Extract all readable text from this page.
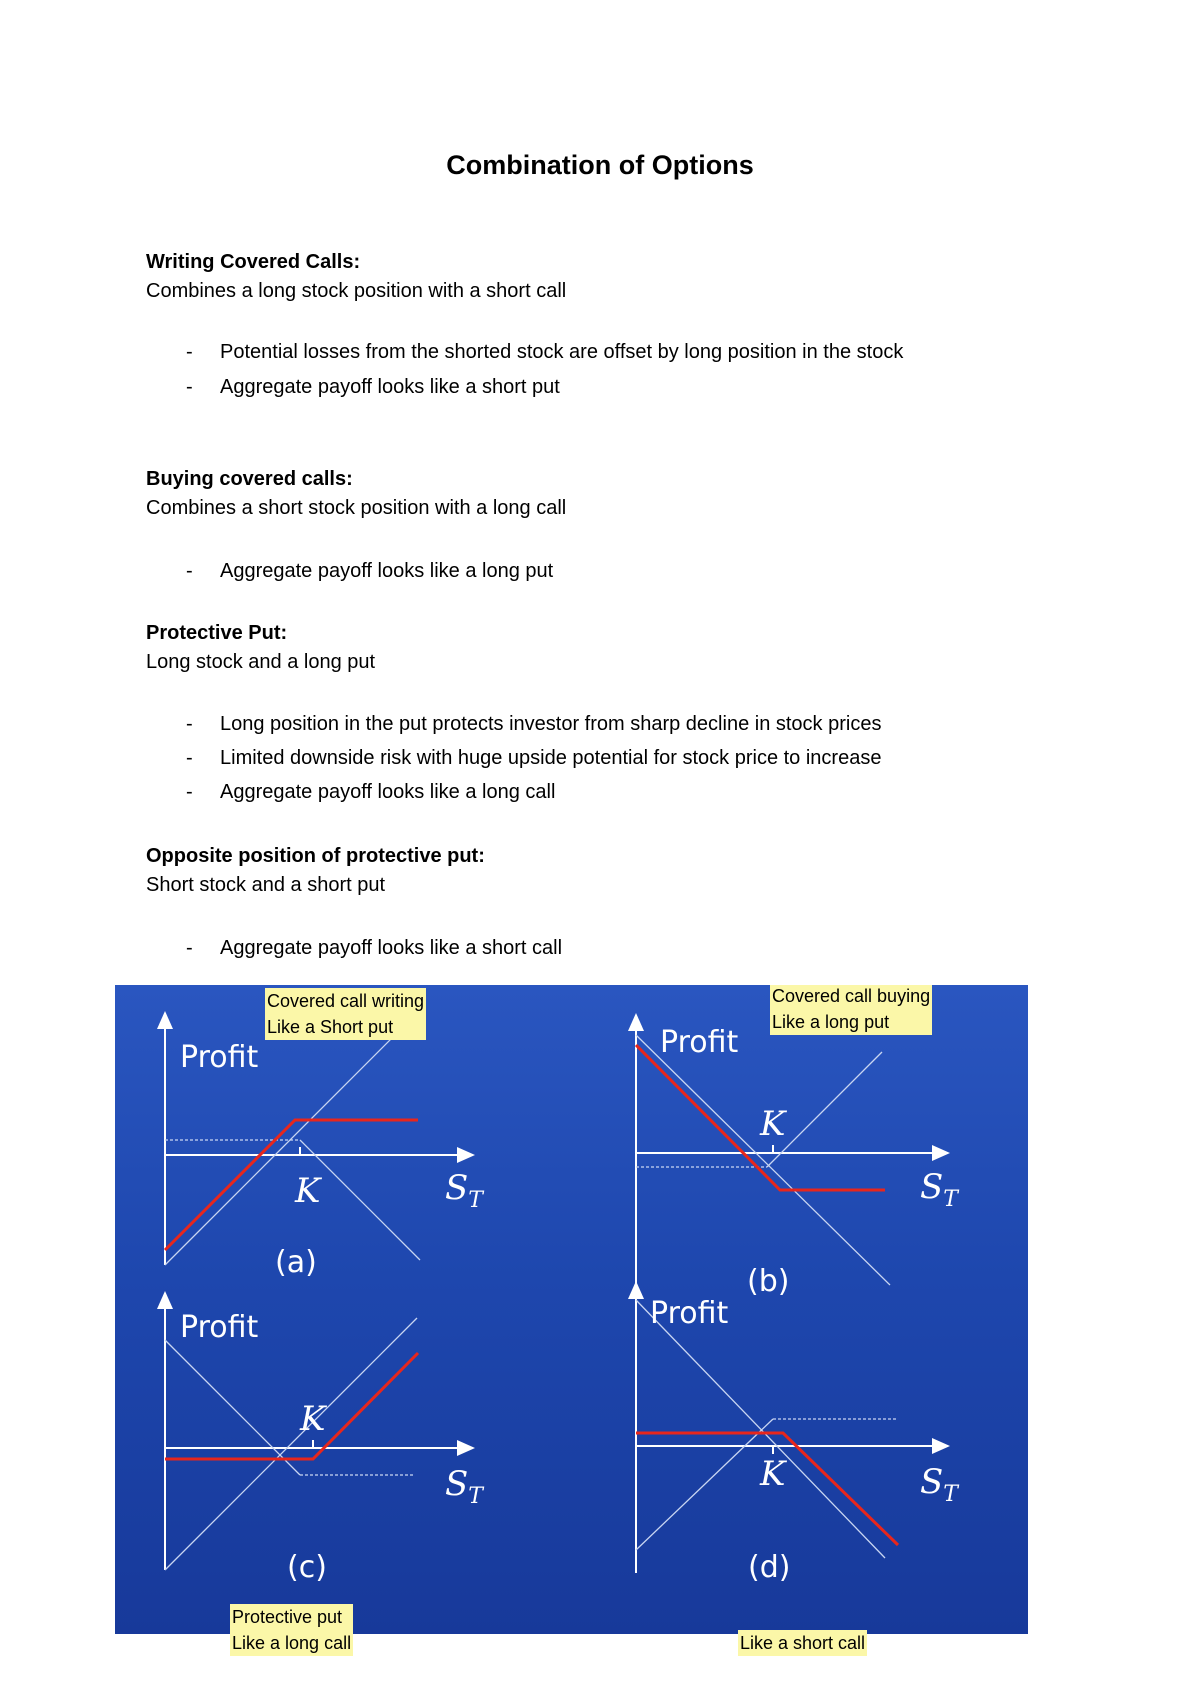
Combination of Options
Writing Covered Calls:
Combines a long stock position with a short call
- Potential losses from the shorted stock are offset by long position in the stock
- Aggregate payoff looks like a short put
Buying covered calls:
Combines a short stock position with a long call
- Aggregate payoff looks like a long put
Protective Put:
Long stock and a long put
- Long position in the put protects investor from sharp decline in stock prices
- Limited downside risk with huge upside potential for stock price to increase
- Aggregate payoff looks like a long call
Opposite position of protective put:
Short stock and a short put
- Aggregate payoff looks like a short call
Profit
K	$S_T$
(a)
Profit
K
$S_T$
(b)
Profit
K
$S_T$
(c)
Profit
K	$S_T$
(d)
Covered call writing
Like a Short put
Covered call buying
Like a long put
Protective put
Like a long call	Like a short call
